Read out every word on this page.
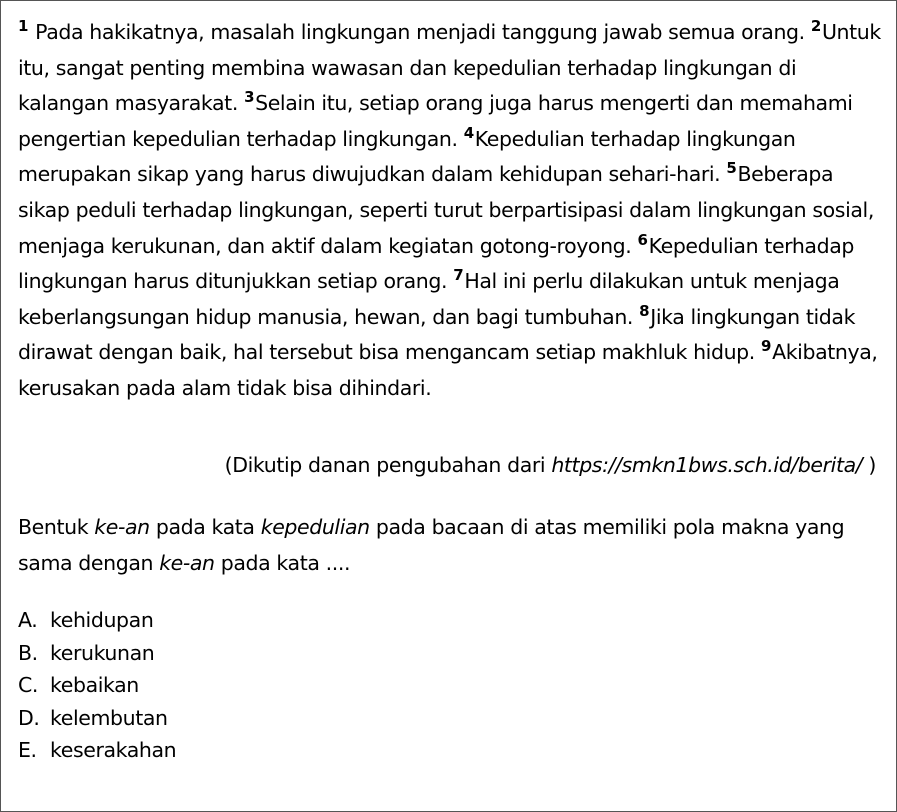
$^1$ Pada hakikatnya, masalah lingkungan menjadi tanggung jawab semua orang. $^2$Untuk itu, sangat penting membina wawasan dan kepedulian terhadap lingkungan di kalangan masyarakat. $^3$Selain itu, setiap orang juga harus mengerti dan memahami pengertian kepedulian terhadap lingkungan. $^4$Kepedulian terhadap lingkungan merupakan sikap yang harus diwujudkan dalam kehidupan sehari-hari. $^5$Beberapa sikap peduli terhadap lingkungan, seperti turut berpartisipasi dalam lingkungan sosial, menjaga kerukunan, dan aktif dalam kegiatan gotong-royong. $^6$Kepedulian terhadap lingkungan harus ditunjukkan setiap orang. $^7$Hal ini perlu dilakukan untuk menjaga keberlangsungan hidup manusia, hewan, dan bagi tumbuhan. $^8$Jika lingkungan tidak dirawat dengan baik, hal tersebut bisa mengancam setiap makhluk hidup. $^9$Akibatnya, kerusakan pada alam tidak bisa dihindari.

(Dikutip danan pengubahan dari https://smkn1bws.sch.id/berita/ )

Bentuk ke-an pada kata kepedulian pada bacaan di atas memiliki pola makna yang sama dengan ke-an pada kata ....

A. kehidupan
B. kerukunan
C. kebaikan
D. kelembutan
E. keserakahan
